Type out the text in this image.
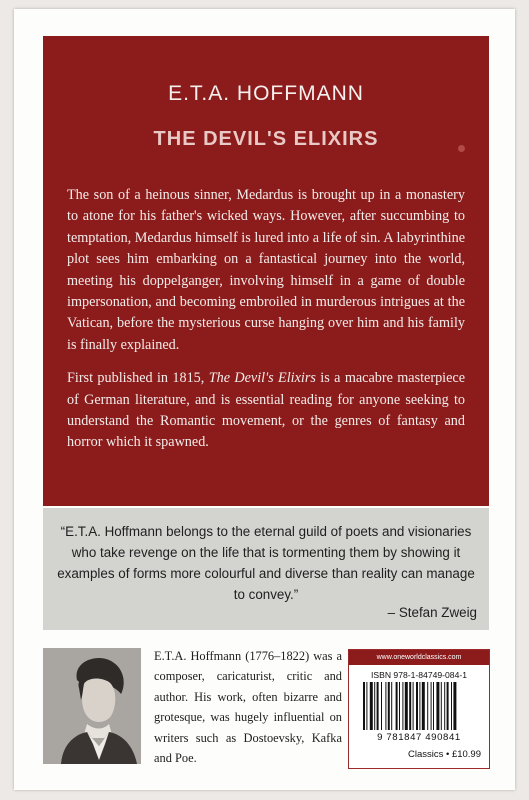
E.T.A. HOFFMANN
THE DEVIL'S ELIXIRS

The son of a heinous sinner, Medardus is brought up in a monastery to atone for his father's wicked ways. However, after succumbing to temptation, Medardus himself is lured into a life of sin. A labyrinthine plot sees him embarking on a fantastical journey into the world, meeting his doppelganger, involving himself in a game of double impersonation, and becoming embroiled in murderous intrigues at the Vatican, before the mysterious curse hanging over him and his family is finally explained.

First published in 1815, The Devil's Elixirs is a macabre masterpiece of German literature, and is essential reading for anyone seeking to understand the Romantic movement, or the genres of fantasy and horror which it spawned.

“E.T.A. Hoffmann belongs to the eternal guild of poets and visionaries who take revenge on the life that is tormenting them by showing it examples of forms more colourful and diverse than reality can manage to convey.”
– Stefan Zweig
E.T.A. Hoffmann (1776–1822) was a composer, caricaturist, critic and author. His work, often bizarre and grotesque, was hugely influential on writers such as Dostoevsky, Kafka and Poe.
www.oneworldclassics.com
ISBN 978-1-84749-084-1
9 781847 490841
Classics • £10.99
